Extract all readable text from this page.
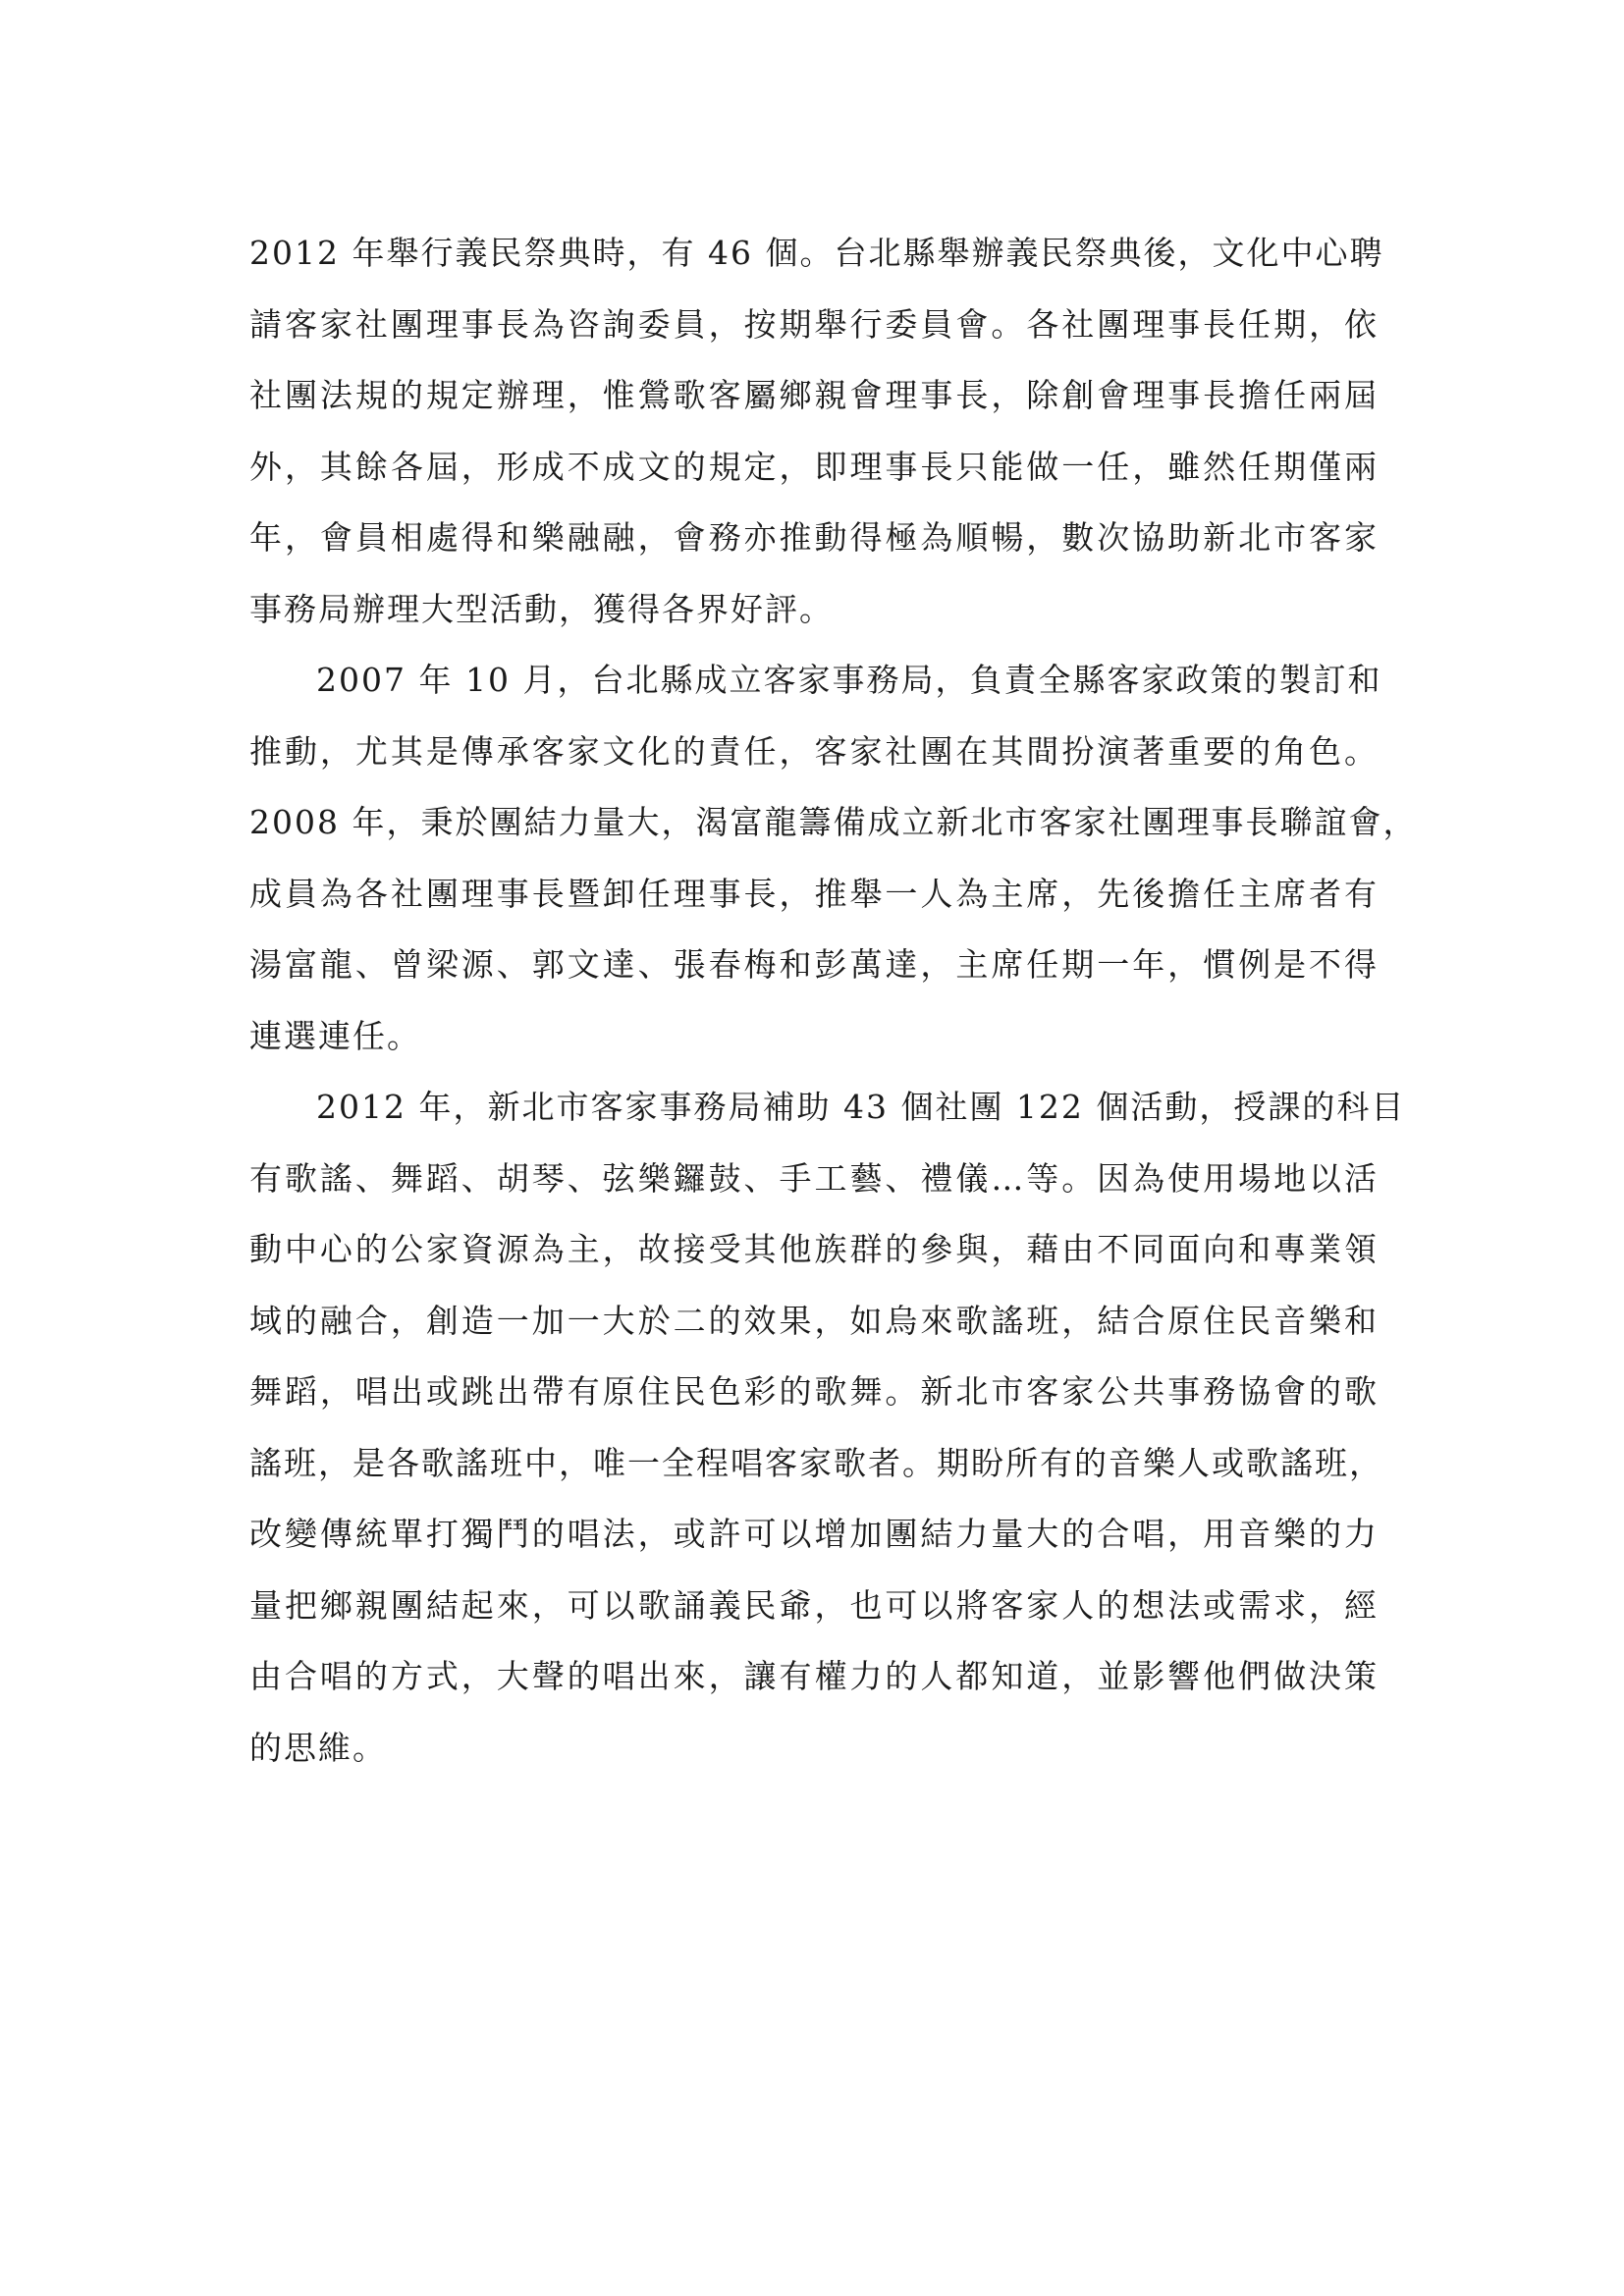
2012 年舉行義民祭典時，有 46 個。台北縣舉辦義民祭典後，文化中心聘
請客家社團理事長為咨詢委員，按期舉行委員會。各社團理事長任期，依
社團法規的規定辦理，惟鶯歌客屬鄉親會理事長，除創會理事長擔任兩屆
外，其餘各屆，形成不成文的規定，即理事長只能做一任，雖然任期僅兩
年，會員相處得和樂融融，會務亦推動得極為順暢，數次協助新北市客家
事務局辦理大型活動，獲得各界好評。
2007 年 10 月，台北縣成立客家事務局，負責全縣客家政策的製訂和
推動，尤其是傳承客家文化的責任，客家社團在其間扮演著重要的角色。
2008 年，秉於團結力量大，渴富龍籌備成立新北市客家社團理事長聯誼會，
成員為各社團理事長暨卸任理事長，推舉一人為主席，先後擔任主席者有
湯富龍、曾梁源、郭文達、張春梅和彭萬達，主席任期一年，慣例是不得
連選連任。
2012 年，新北市客家事務局補助 43 個社團 122 個活動，授課的科目
有歌謠、舞蹈、胡琴、弦樂鑼鼓、手工藝、禮儀…等。因為使用場地以活
動中心的公家資源為主，故接受其他族群的參與，藉由不同面向和專業領
域的融合，創造一加一大於二的效果，如烏來歌謠班，結合原住民音樂和
舞蹈，唱出或跳出帶有原住民色彩的歌舞。新北市客家公共事務協會的歌
謠班，是各歌謠班中，唯一全程唱客家歌者。期盼所有的音樂人或歌謠班，
改變傳統單打獨鬥的唱法，或許可以增加團結力量大的合唱，用音樂的力
量把鄉親團結起來，可以歌誦義民爺，也可以將客家人的想法或需求，經
由合唱的方式，大聲的唱出來，讓有權力的人都知道，並影響他們做決策
的思維。
